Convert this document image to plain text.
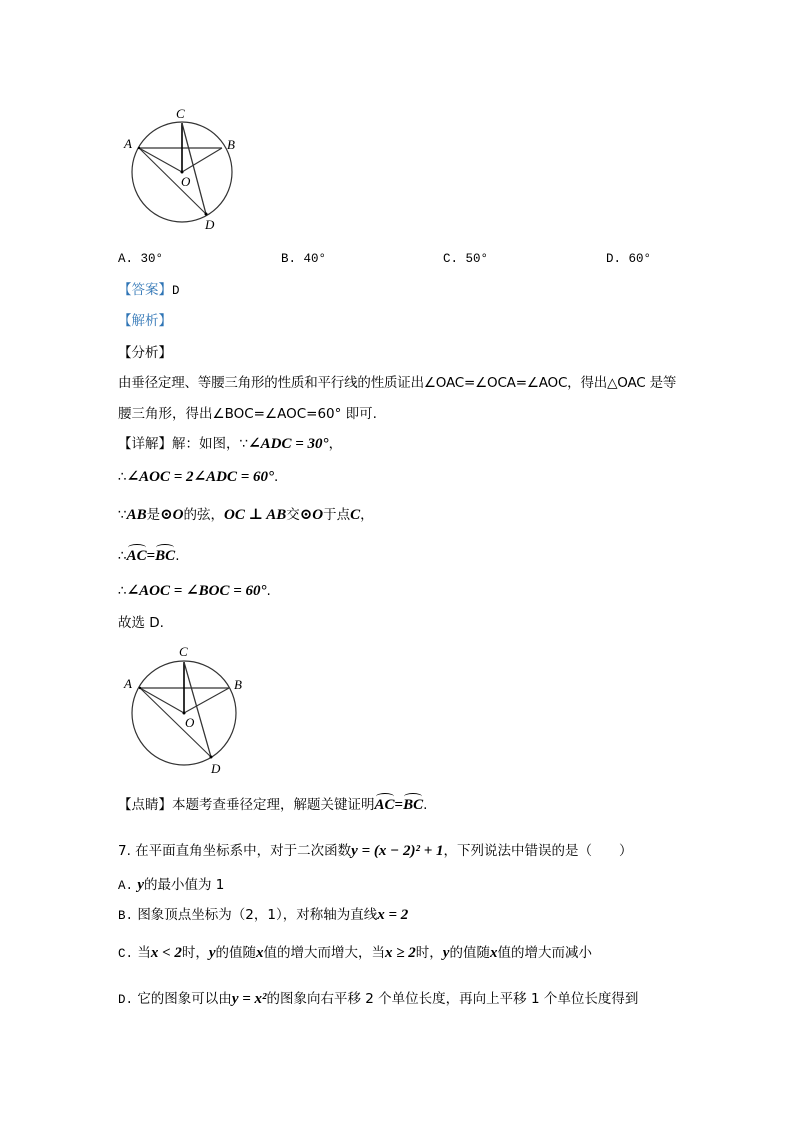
C
A	B
O
D
A. 30°	B. 40°	C. 50°	D. 60°
【答案】D
【解析】
【分析】
由垂径定理、等腰三角形的性质和平行线的性质证出∠OAC=∠OCA=∠AOC，得出△OAC 是等
腰三角形，得出∠BOC=∠AOC=60° 即可.
【详解】解：如图，∵∠ADC = 30°，
∴∠AOC = 2∠ADC = 60°.
∵AB是⊙O的弦，OC ⊥ AB交⊙O于点C，
∴AC=BC.
∴∠AOC = ∠BOC = 60°.
故选 D.
C
A	B
O
D
【点睛】本题考查垂径定理，解题关键证明AC=BC.
7. 在平面直角坐标系中，对于二次函数y = (x − 2)² + 1，下列说法中错误的是（　　）
A. y的最小值为 1
B. 图象顶点坐标为（2，1），对称轴为直线x = 2
C. 当x < 2时，y的值随x值的增大而增大，当x ≥ 2时，y的值随x值的增大而减小
D. 它的图象可以由y = x²的图象向右平移 2 个单位长度，再向上平移 1 个单位长度得到
